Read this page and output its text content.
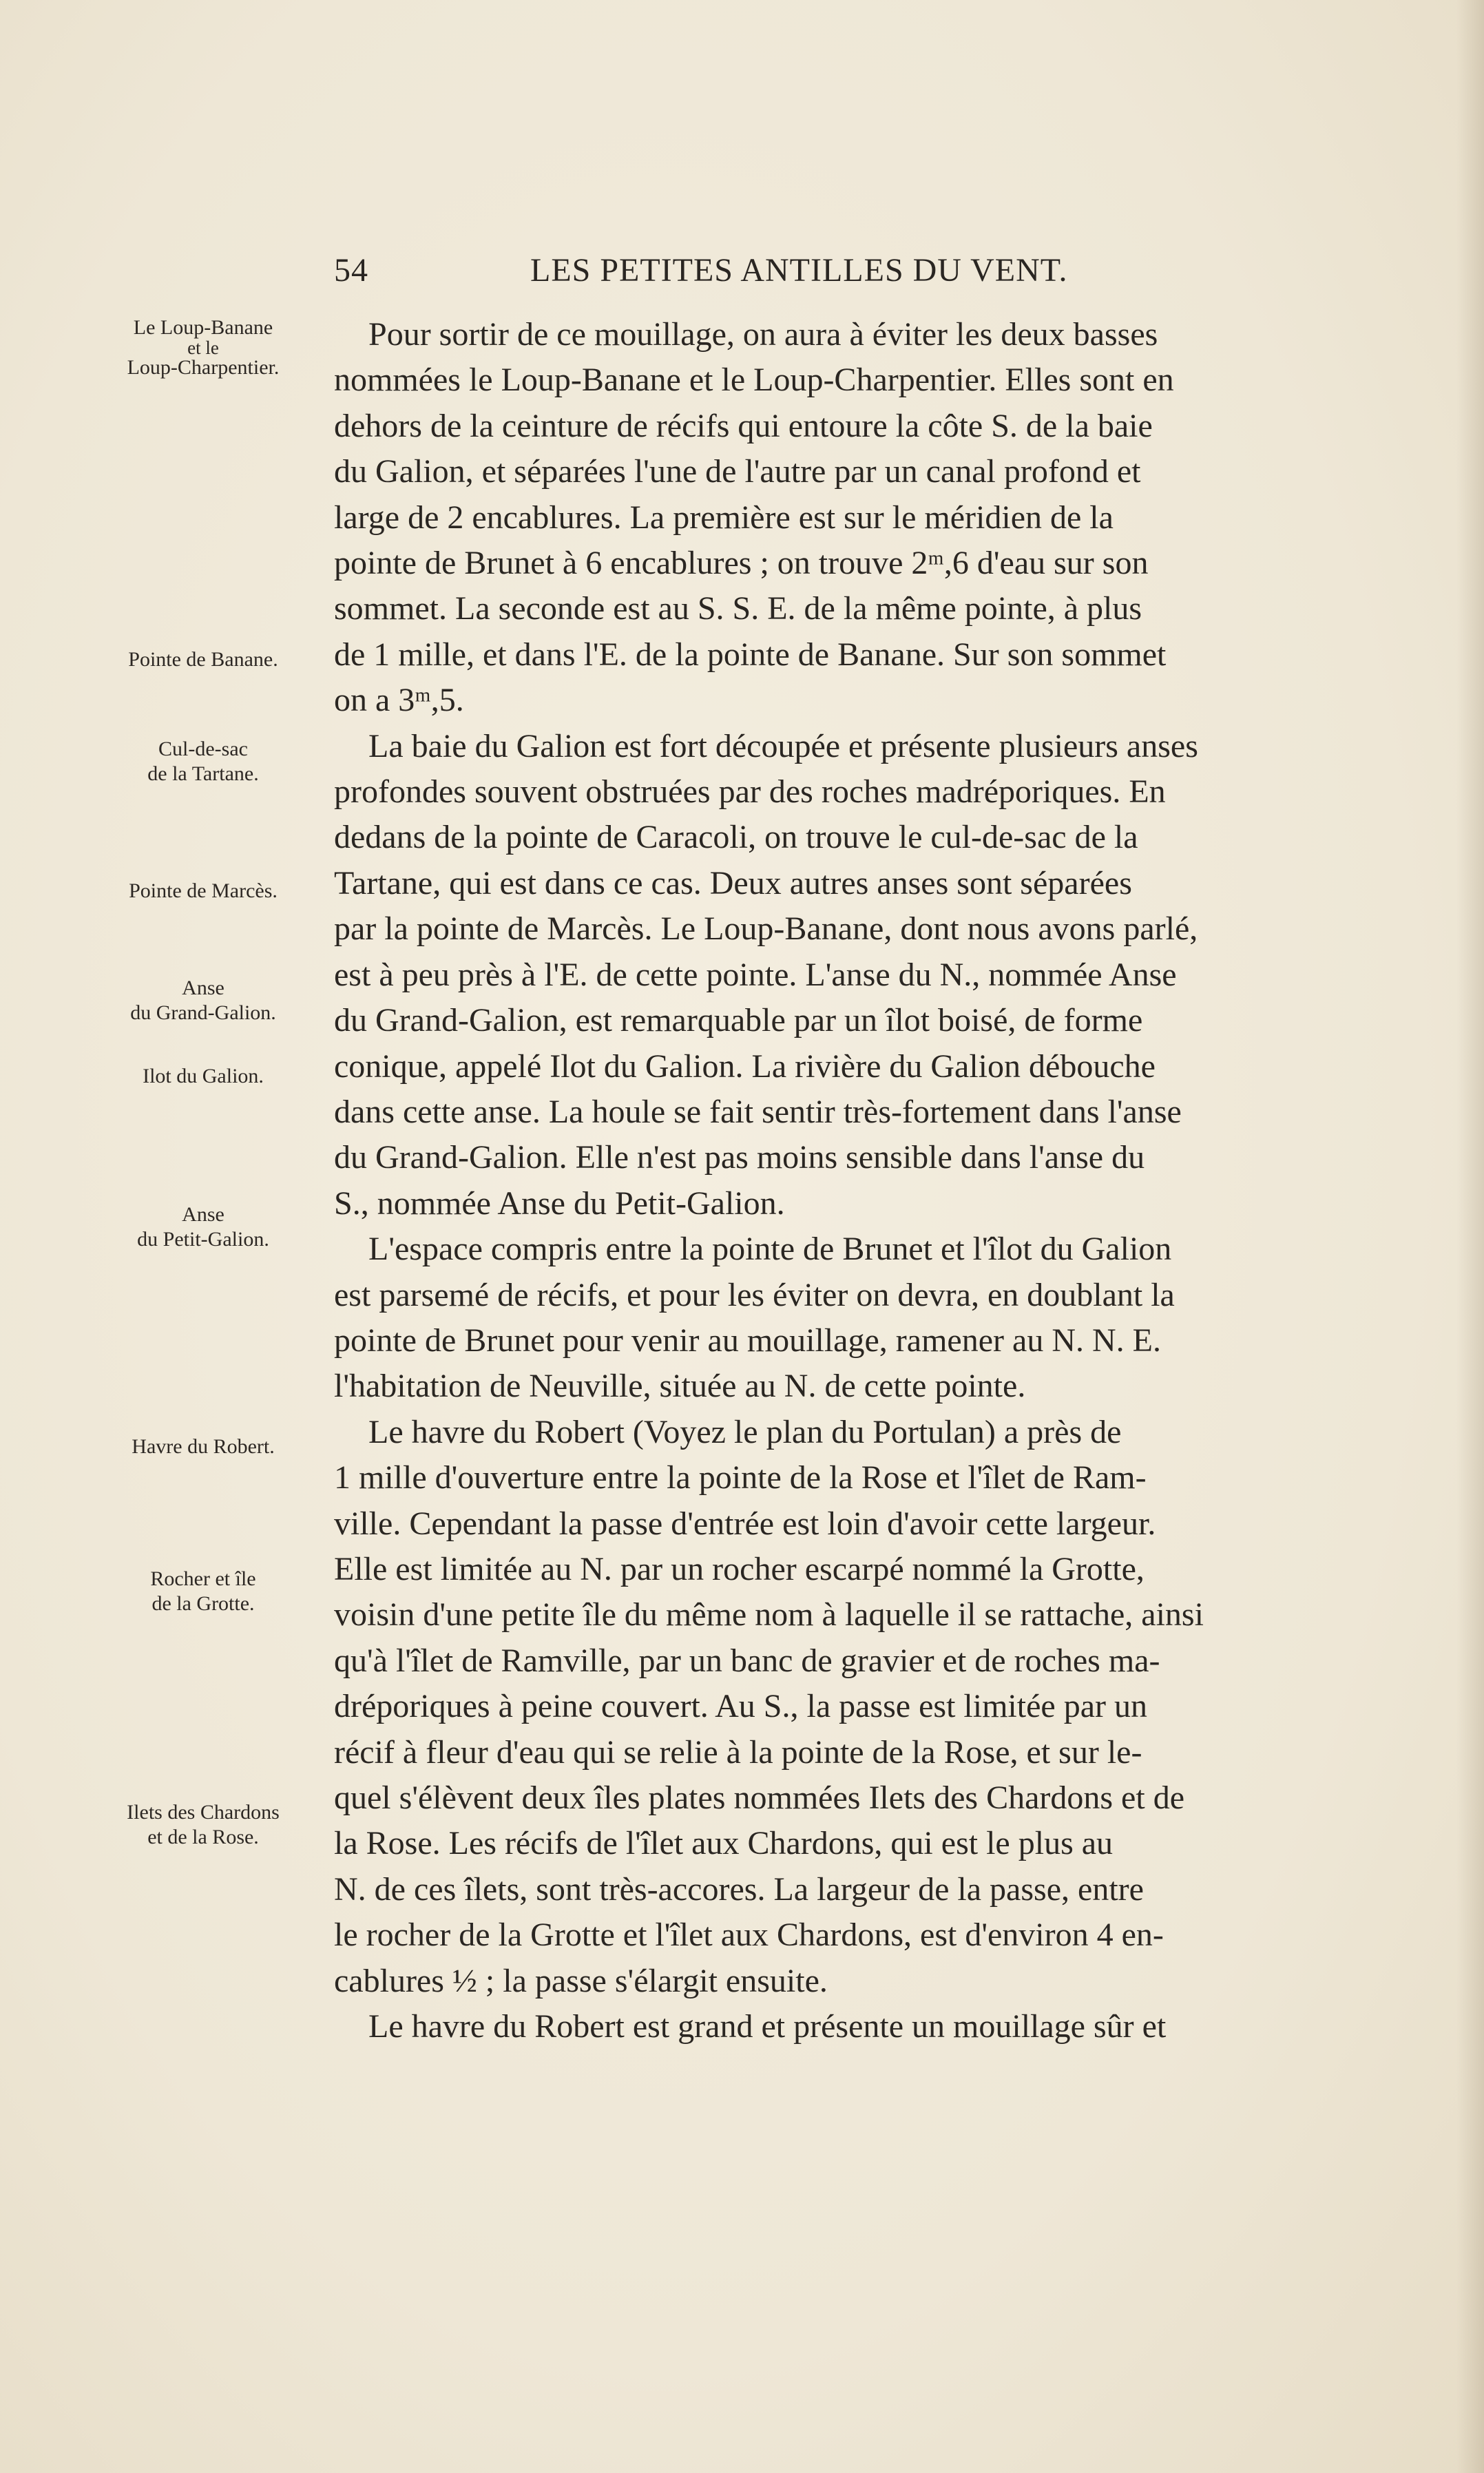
54	LES PETITES ANTILLES DU VENT.
Le Loup-Banane
et le
Loup-Charpentier.
Pointe de Banane.
Cul-de-sac
de la Tartane.
Pointe de Marcès.
Anse
du Grand-Galion.
Ilot du Galion.
Anse
du Petit-Galion.
Havre du Robert.
Rocher et île
de la Grotte.
Ilets des Chardons
et de la Rose.
Pour sortir de ce mouillage, on aura à éviter les deux basses
nommées le Loup-Banane et le Loup-Charpentier. Elles sont en
dehors de la ceinture de récifs qui entoure la côte S. de la baie
du Galion, et séparées l'une de l'autre par un canal profond et
large de 2 encablures. La première est sur le méridien de la
pointe de Brunet à 6 encablures ; on trouve 2ᵐ,6 d'eau sur son
sommet. La seconde est au S. S. E. de la même pointe, à plus
de 1 mille, et dans l'E. de la pointe de Banane. Sur son sommet
on a 3ᵐ,5.
La baie du Galion est fort découpée et présente plusieurs anses
profondes souvent obstruées par des roches madréporiques. En
dedans de la pointe de Caracoli, on trouve le cul-de-sac de la
Tartane, qui est dans ce cas. Deux autres anses sont séparées
par la pointe de Marcès. Le Loup-Banane, dont nous avons parlé,
est à peu près à l'E. de cette pointe. L'anse du N., nommée Anse
du Grand-Galion, est remarquable par un îlot boisé, de forme
conique, appelé Ilot du Galion. La rivière du Galion débouche
dans cette anse. La houle se fait sentir très-fortement dans l'anse
du Grand-Galion. Elle n'est pas moins sensible dans l'anse du
S., nommée Anse du Petit-Galion.
L'espace compris entre la pointe de Brunet et l'îlot du Galion
est parsemé de récifs, et pour les éviter on devra, en doublant la
pointe de Brunet pour venir au mouillage, ramener au N. N. E.
l'habitation de Neuville, située au N. de cette pointe.
Le havre du Robert (Voyez le plan du Portulan) a près de
1 mille d'ouverture entre la pointe de la Rose et l'îlet de Ram-
ville. Cependant la passe d'entrée est loin d'avoir cette largeur.
Elle est limitée au N. par un rocher escarpé nommé la Grotte,
voisin d'une petite île du même nom à laquelle il se rattache, ainsi
qu'à l'îlet de Ramville, par un banc de gravier et de roches ma-
dréporiques à peine couvert. Au S., la passe est limitée par un
récif à fleur d'eau qui se relie à la pointe de la Rose, et sur le-
quel s'élèvent deux îles plates nommées Ilets des Chardons et de
la Rose. Les récifs de l'îlet aux Chardons, qui est le plus au
N. de ces îlets, sont très-accores. La largeur de la passe, entre
le rocher de la Grotte et l'îlet aux Chardons, est d'environ 4 en-
cablures ½ ; la passe s'élargit ensuite.
Le havre du Robert est grand et présente un mouillage sûr et
